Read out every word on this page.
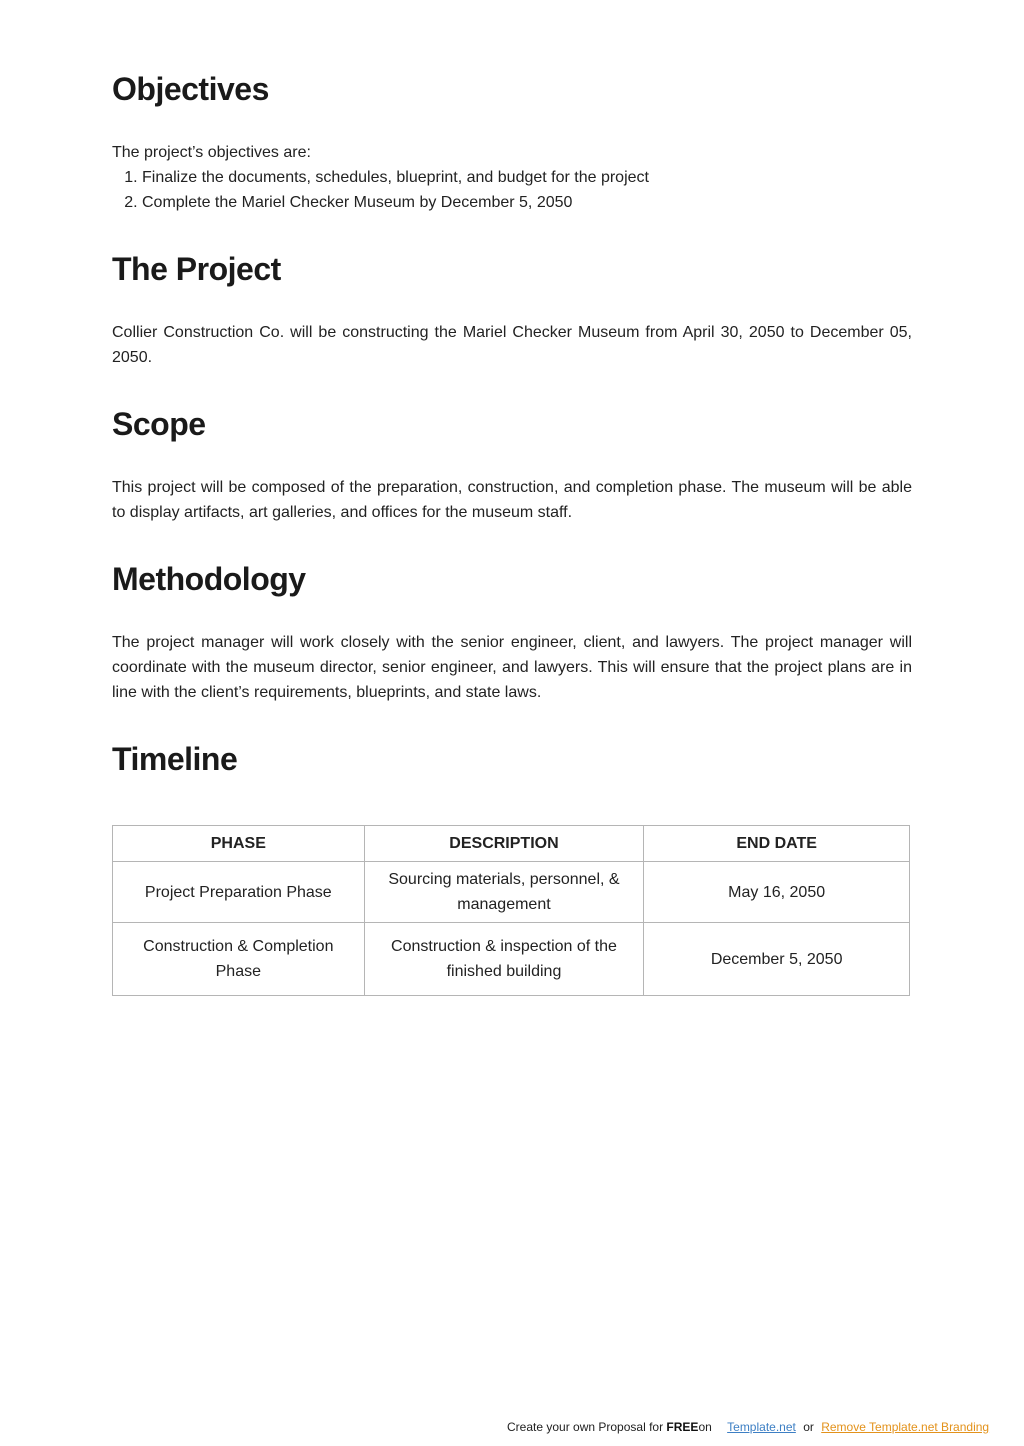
Objectives

The project’s objectives are:

1. Finalize the documents, schedules, blueprint, and budget for the project
2. Complete the Mariel Checker Museum by December 5, 2050
The Project

Collier Construction Co. will be constructing the Mariel Checker Museum from April 30, 2050 to December 05, 2050.

Scope

This project will be composed of the preparation, construction, and completion phase. The museum will be able to display artifacts, art galleries, and offices for the museum staff.

Methodology

The project manager will work closely with the senior engineer, client, and lawyers. The project manager will coordinate with the museum director, senior engineer, and lawyers. This will ensure that the project plans are in line with the client’s requirements, blueprints, and state laws.

Timeline
PHASE	DESCRIPTION	END DATE
Project Preparation Phase	Sourcing materials, personnel, & management	May 16, 2050
Construction & Completion Phase	Construction & inspection of the finished building	December 5, 2050
Create your own Proposal for FREEon Template.net or Remove Template.net Branding
